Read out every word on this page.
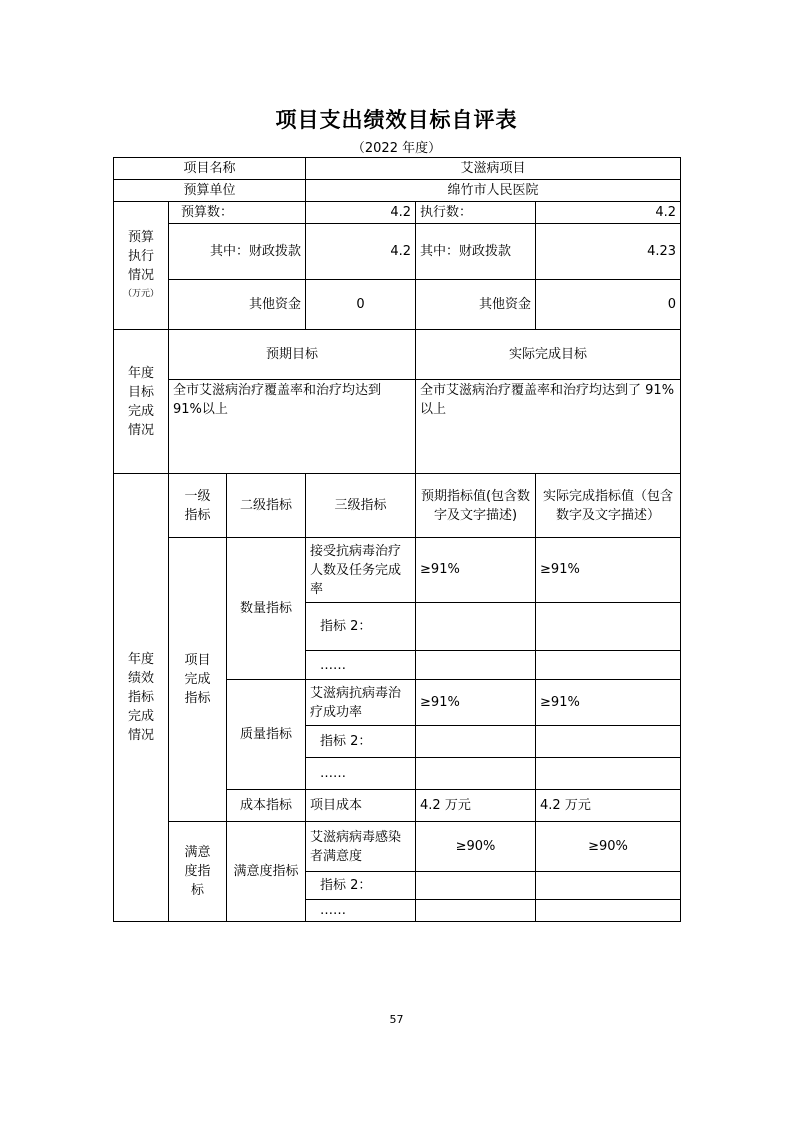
项目支出绩效目标自评表
（2022 年度）
项目名称			艾滋病项目		
预算单位			绵竹市人民医院		

预算执行情况
（万元）	预算数：		4.2	执行数：	4.2
	其中：财政拨款		4.2	其中：财政拨款	4.23
	其他资金		0	其他资金	0

年度目标完成情况	预期目标			实际完成目标	
	全市艾滋病治疗覆盖率和治疗均达到 91%以上			全市艾滋病治疗覆盖率和治疗均达到了 91%以上	

年度绩效指标完成情况	一级指标	二级指标	三级指标	预期指标值(包含数字及文字描述)	实际完成指标值（包含数字及文字描述）

	项目完成指标	数量指标	接受抗病毒治疗人数及任务完成率	≥91%	≥91%
			指标 2：		
			……		
		质量指标	艾滋病抗病毒治疗成功率	≥91%	≥91%
			指标 2：		
			……		
		成本指标	项目成本	4.2 万元	4.2 万元

	满意度指标	满意度指标	艾滋病病毒感染者满意度	≥90%	≥90%
			指标 2：		
			……		
57
